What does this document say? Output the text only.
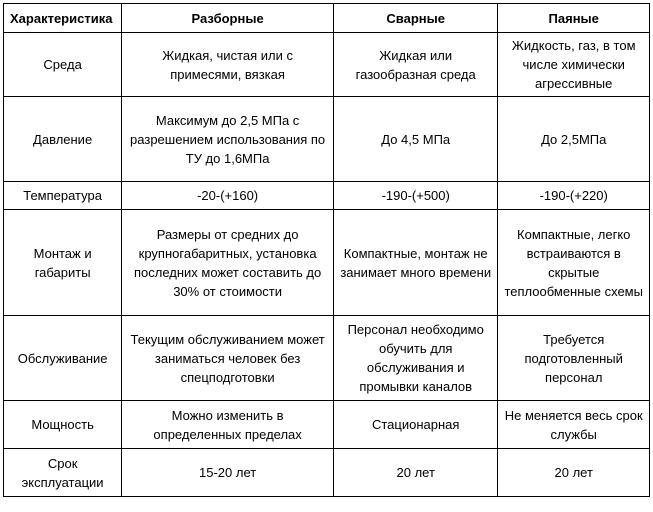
Характеристика	Разборные	Сварные	Паяные
Среда	Жидкая, чистая или с примесями, вязкая	Жидкая или газообразная среда	Жидкость, газ, в том числе химически агрессивные
Давление	Максимум до 2,5 МПа с разрешением использования по ТУ до 1,6МПа	До 4,5 МПа	До 2,5МПа
Температура	-20-(+160)	-190-(+500)	-190-(+220)
Монтаж и габариты	Размеры от средних до крупногабаритных, установка последних может составить до 30% от стоимости	Компактные, монтаж не занимает много времени	Компактные, легко встраиваются в скрытые теплообменные схемы
Обслуживание	Текущим обслуживанием может заниматься человек без спецподготовки	Персонал необходимо обучить для обслуживания и промывки каналов	Требуется подготовленный персонал
Мощность	Можно изменить в определенных пределах	Стационарная	Не меняется весь срок службы
Срок эксплуатации	15-20 лет	20 лет	20 лет
